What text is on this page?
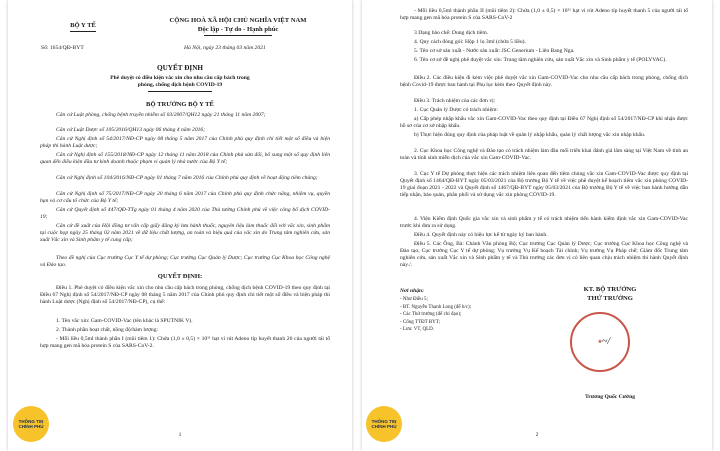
BỘ Y TẾ
CỘNG HOÀ XÃ HỘI CHỦ NGHĨA VIỆT NAM
Độc lập - Tự do - Hạnh phúc
Số: 1654/QĐ-BYT	Hà Nội, ngày 23 tháng 03 năm 2021
QUYẾT ĐỊNH
Phê duyệt có điều kiện vắc xin cho nhu cầu cấp bách trong
phòng, chống dịch bệnh COVID-19
BỘ TRƯỞNG BỘ Y TẾ
Căn cứ Luật phòng, chống bệnh truyền nhiễm số 03/2007/QH12 ngày 21 tháng 11 năm 2007;
Căn cứ Luật Dược số 105/2016/QH13 ngày 06 tháng 4 năm 2016;
Căn cứ Nghị định số 54/2017/NĐ-CP ngày 08 tháng 5 năm 2017 của Chính phủ quy định chi tiết một số điều và biện pháp thi hành Luật dược;
Căn cứ Nghị định số 155/2018/NĐ-CP ngày 12 tháng 11 năm 2018 của Chính phủ sửa đổi, bổ sung một số quy định liên quan đến điều kiện đầu tư kinh doanh thuộc phạm vi quản lý nhà nước của Bộ Y tế;
Căn cứ Nghị định số 104/2016/NĐ-CP ngày 01 tháng 7 năm 2016 của Chính phủ quy định về hoạt động tiêm chủng;
Căn cứ Nghị định số 75/2017/NĐ-CP ngày 20 tháng 6 năm 2017 của Chính phủ quy định chức năng, nhiệm vụ, quyền hạn và cơ cấu tổ chức của Bộ Y tế;
Căn cứ Quyết định số 447/QĐ-TTg ngày 01 tháng 4 năm 2020 của Thủ tướng Chính phủ về việc công bố dịch COVID-19;
Căn cứ đề xuất của Hội đồng tư vấn cấp giấy đăng ký lưu hành thuốc, nguyên liệu làm thuốc đối với vắc xin, sinh phẩm tại cuộc họp ngày 25 tháng 02 năm 2021 về dữ liệu chất lượng, an toàn và hiệu quả của vắc xin do Trung tâm nghiên cứu, sản xuất Vắc xin và Sinh phẩm y tế cung cấp;
Theo đề nghị của Cục trưởng Cục Y tế dự phòng; Cục trưởng Cục Quản lý Dược; Cục trưởng Cục Khoa học Công nghệ và Đào tạo.
QUYẾT ĐỊNH:
Điều 1. Phê duyệt có điều kiện vắc xin cho nhu cầu cấp bách trong phòng, chống dịch bệnh COVID-19 theo quy định tại Điều 67 Nghị định số 54/2017/NĐ-CP ngày 08 tháng 5 năm 2017 của Chính phủ quy định chi tiết một số điều và biện pháp thi hành Luật dược (Nghị định số 54/2017/NĐ-CP), cụ thể:
1. Tên vắc xin: Gam-COVID-Vac (tên khác là SPUTNIK V).
2. Thành phần hoạt chất, nồng độ/hàm lượng:
- Mỗi liều 0,5ml thành phần I (mũi tiêm 1): Chứa (1,0 ± 0,5) × 10¹¹ hạt vi rút Adeno típ huyết thanh 26 của người tái tổ hợp mang gen mã hóa protein S của SARS-CoV-2.
1
THÔNG TIN
CHÍNH PHỦ
- Mỗi liều 0,5ml thành phần II (mũi tiêm 2): Chứa (1,0 ± 0,5) × 10¹¹ hạt vi rút Adeno típ huyết thanh 5 của người tái tổ hợp mang gen mã hóa protein S của SARS-CoV-2
3 Dạng bào chế: Dung dịch tiêm.
4. Quy cách đóng gói: Hộp 1 lọ 3ml (chứa 5 liều).
5. Tên cơ sở sản xuất - Nước sản xuất: JSC Generium - Liên Bang Nga.
6. Tên cơ sở đề nghị phê duyệt vắc xin: Trung tâm nghiên cứu, sản xuất Vắc xin và Sinh phẩm y tế (POLYVAC).
Điều 2. Các điều kiện đi kèm việc phê duyệt vắc xin Gam-COVID-Vac cho nhu cầu cấp bách trong phòng, chống dịch bệnh Covid-19 được ban hành tại Phụ lục kèm theo Quyết định này.
Điều 3. Trách nhiệm của các đơn vị:
1. Cục Quản lý Dược có trách nhiệm:
a) Cấp phép nhập khẩu vắc xin Gam-COVID-Vac theo quy định tại Điều 67 Nghị định số 54/2017/NĐ-CP khi nhận được hồ sơ của cơ sở nhập khẩu.
b) Thực hiện đúng quy định của pháp luật về quản lý nhập khẩu, quản lý chất lượng vắc xin nhập khẩu.
2. Cục Khoa học Công nghệ và Đào tạo có trách nhiệm làm đầu mối triển khai đánh giá lâm sàng tại Việt Nam về tính an toàn và tính sinh miễn dịch của vắc xin Gam-COVID-Vac.
3. Cục Y tế Dự phòng thực hiện các trách nhiệm liên quan đến tiêm chủng vắc xin Gam-COVID-Vac được quy định tại Quyết định số 1464/QĐ-BYT ngày 05/03/2021 của Bộ trưởng Bộ Y tế về việc phê duyệt kế hoạch tiêm vắc xin phòng COVID-19 giai đoạn 2021 - 2022 và Quyết định số 1467/QĐ-BYT ngày 05/03/2021 của Bộ trưởng Bộ Y tế về việc ban hành hướng dẫn tiếp nhận, bảo quản, phân phối và sử dụng vắc xin phòng COVID-19.
4. Viện Kiểm định Quốc gia vắc xin và sinh phẩm y tế có trách nhiệm tiến hành kiểm định vắc xin Gam-COVID-Vac trước khi đưa ra sử dụng.
Điều 4. Quyết định này có hiệu lực kể từ ngày ký ban hành.
Điều 5. Các Ông, Bà: Chánh Văn phòng Bộ; Cục trưởng Cục Quản lý Dược; Cục trưởng Cục Khoa học Công nghệ và Đào tạo; Cục trưởng Cục Y tế dự phòng; Vụ trưởng Vụ Kế hoạch Tài chính; Vụ trưởng Vụ Pháp chế; Giám đốc Trung tâm nghiên cứu, sản xuất Vắc xin và Sinh phẩm y tế và Thủ trưởng các đơn vị có liên quan chịu trách nhiệm thi hành Quyết định này./.
Nơi nhận:
- Như Điều 5;
- BT. Nguyễn Thanh Long (để b/c);
- Các Thứ trưởng (để chỉ đạo);
- Cổng TTĐT BYT;
- Lưu: VT, QLD.
KT. BỘ TRƯỞNG
THỨ TRƯỞNG
★ ~/
Trương Quốc Cường
2
THÔNG TIN
CHÍNH PHỦ
